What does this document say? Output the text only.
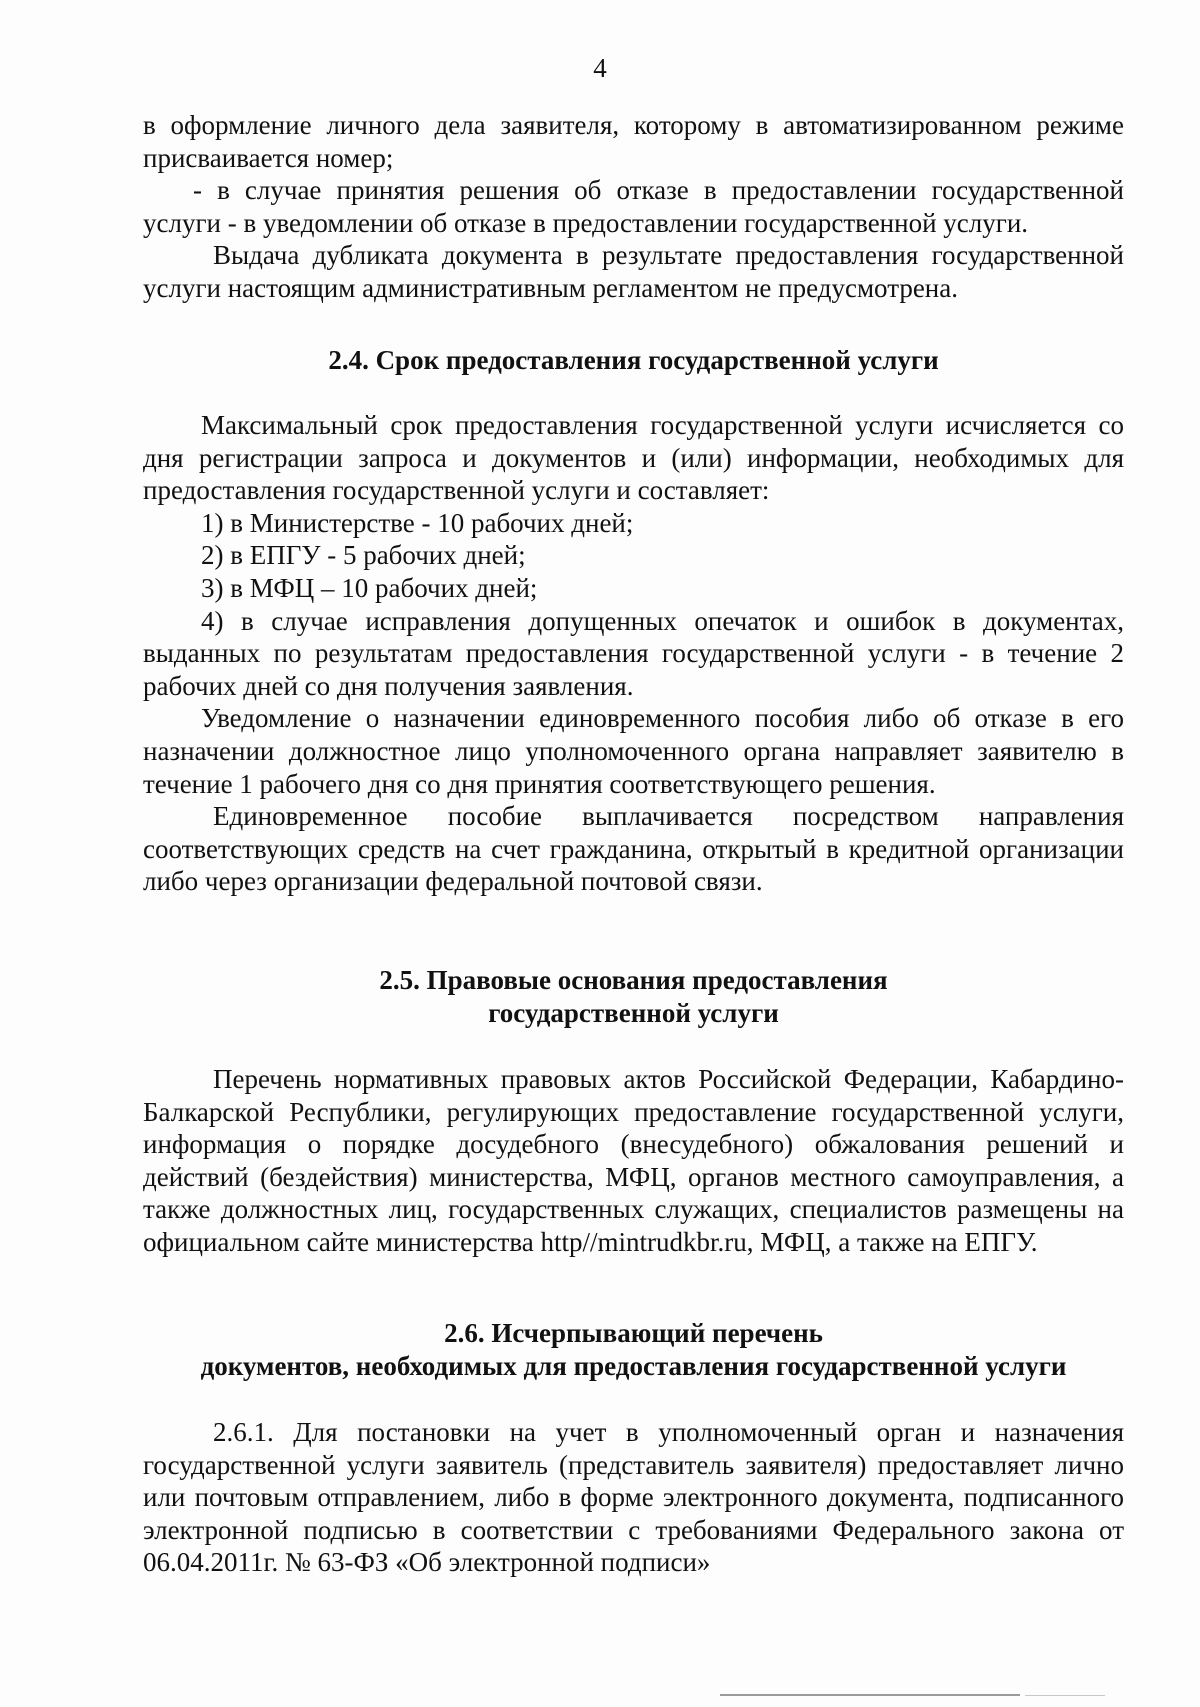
4

в оформление личного дела заявителя, которому в автоматизированном режиме присваивается номер;

- в случае принятия решения об отказе в предоставлении государственной услуги - в уведомлении об отказе в предоставлении государственной услуги.

Выдача дубликата документа в результате предоставления государственной услуги настоящим административным регламентом не предусмотрена.

2.4. Срок предоставления государственной услуги

Максимальный срок предоставления государственной услуги исчисляется со дня регистрации запроса и документов и (или) информации, необходимых для предоставления государственной услуги и составляет:

1) в Министерстве - 10 рабочих дней;

2) в ЕПГУ - 5 рабочих дней;

3) в МФЦ – 10 рабочих дней;

4) в случае исправления допущенных опечаток и ошибок в документах, выданных по результатам предоставления государственной услуги - в течение 2 рабочих дней со дня получения заявления.

Уведомление о назначении единовременного пособия либо об отказе в его назначении должностное лицо уполномоченного органа направляет заявителю в течение 1 рабочего дня со дня принятия соответствующего решения.

Единовременное пособие выплачивается посредством направления соответствующих средств на счет гражданина, открытый в кредитной организации либо через организации федеральной почтовой связи.

2.5. Правовые основания предоставления
государственной услуги

Перечень нормативных правовых актов Российской Федерации, Кабардино-Балкарской Республики, регулирующих предоставление государственной услуги, информация о порядке досудебного (внесудебного) обжалования решений и действий (бездействия) министерства, МФЦ, органов местного самоуправления, а также должностных лиц, государственных служащих, специалистов размещены на официальном сайте министерства http//mintrudkbr.ru, МФЦ, а также на ЕПГУ.

2.6. Исчерпывающий перечень
документов, необходимых для предоставления государственной услуги

2.6.1. Для постановки на учет в уполномоченный орган и назначения государственной услуги заявитель (представитель заявителя) предоставляет лично или почтовым отправлением, либо в форме электронного документа, подписанного электронной подписью в соответствии с требованиями Федерального закона от 06.04.2011г. № 63-ФЗ «Об электронной подписи»
